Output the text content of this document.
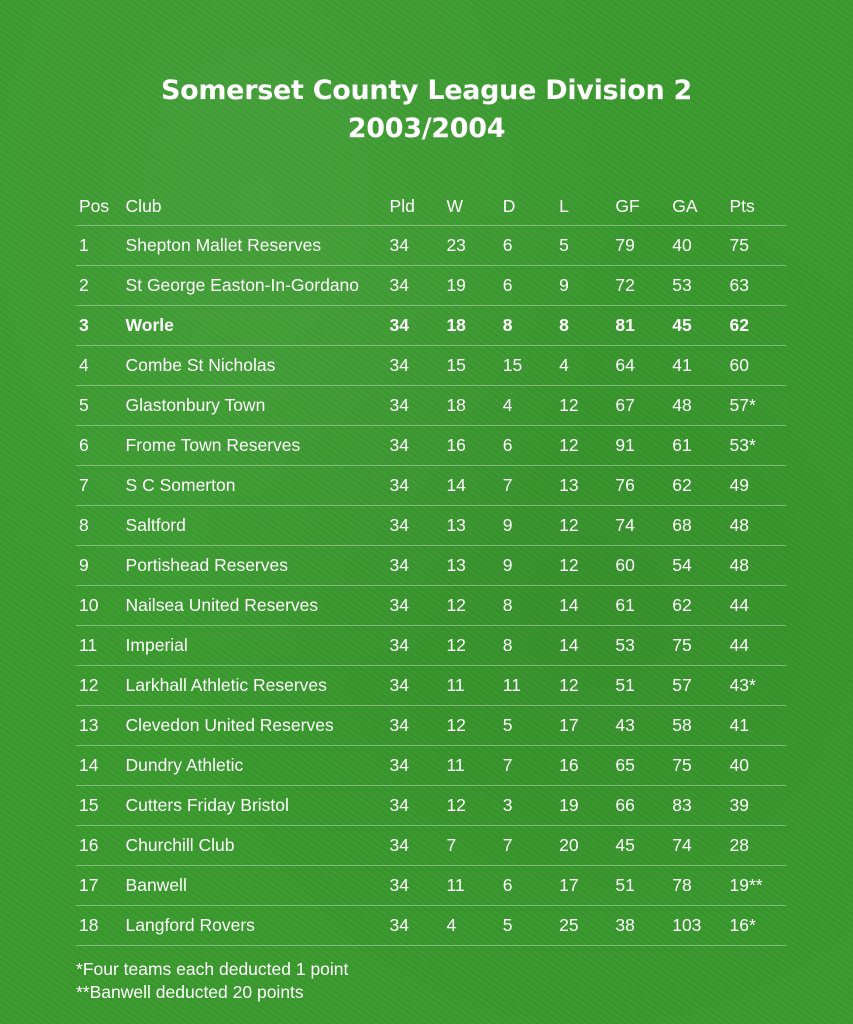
Somerset County League Division 2
2003/2004
Pos	Club	Pld	W	D	L	GF	GA	Pts
1	Shepton Mallet Reserves	34	23	6	5	79	40	75
2	St George Easton-In-Gordano	34	19	6	9	72	53	63
3	Worle	34	18	8	8	81	45	62
4	Combe St Nicholas	34	15	15	4	64	41	60
5	Glastonbury Town	34	18	4	12	67	48	57*
6	Frome Town Reserves	34	16	6	12	91	61	53*
7	S C Somerton	34	14	7	13	76	62	49
8	Saltford	34	13	9	12	74	68	48
9	Portishead Reserves	34	13	9	12	60	54	48
10	Nailsea United Reserves	34	12	8	14	61	62	44
11	Imperial	34	12	8	14	53	75	44
12	Larkhall Athletic Reserves	34	11	11	12	51	57	43*
13	Clevedon United Reserves	34	12	5	17	43	58	41
14	Dundry Athletic	34	11	7	16	65	75	40
15	Cutters Friday Bristol	34	12	3	19	66	83	39
16	Churchill Club	34	7	7	20	45	74	28
17	Banwell	34	11	6	17	51	78	19**
18	Langford Rovers	34	4	5	25	38	103	16*
*Four teams each deducted 1 point
**Banwell deducted 20 points
